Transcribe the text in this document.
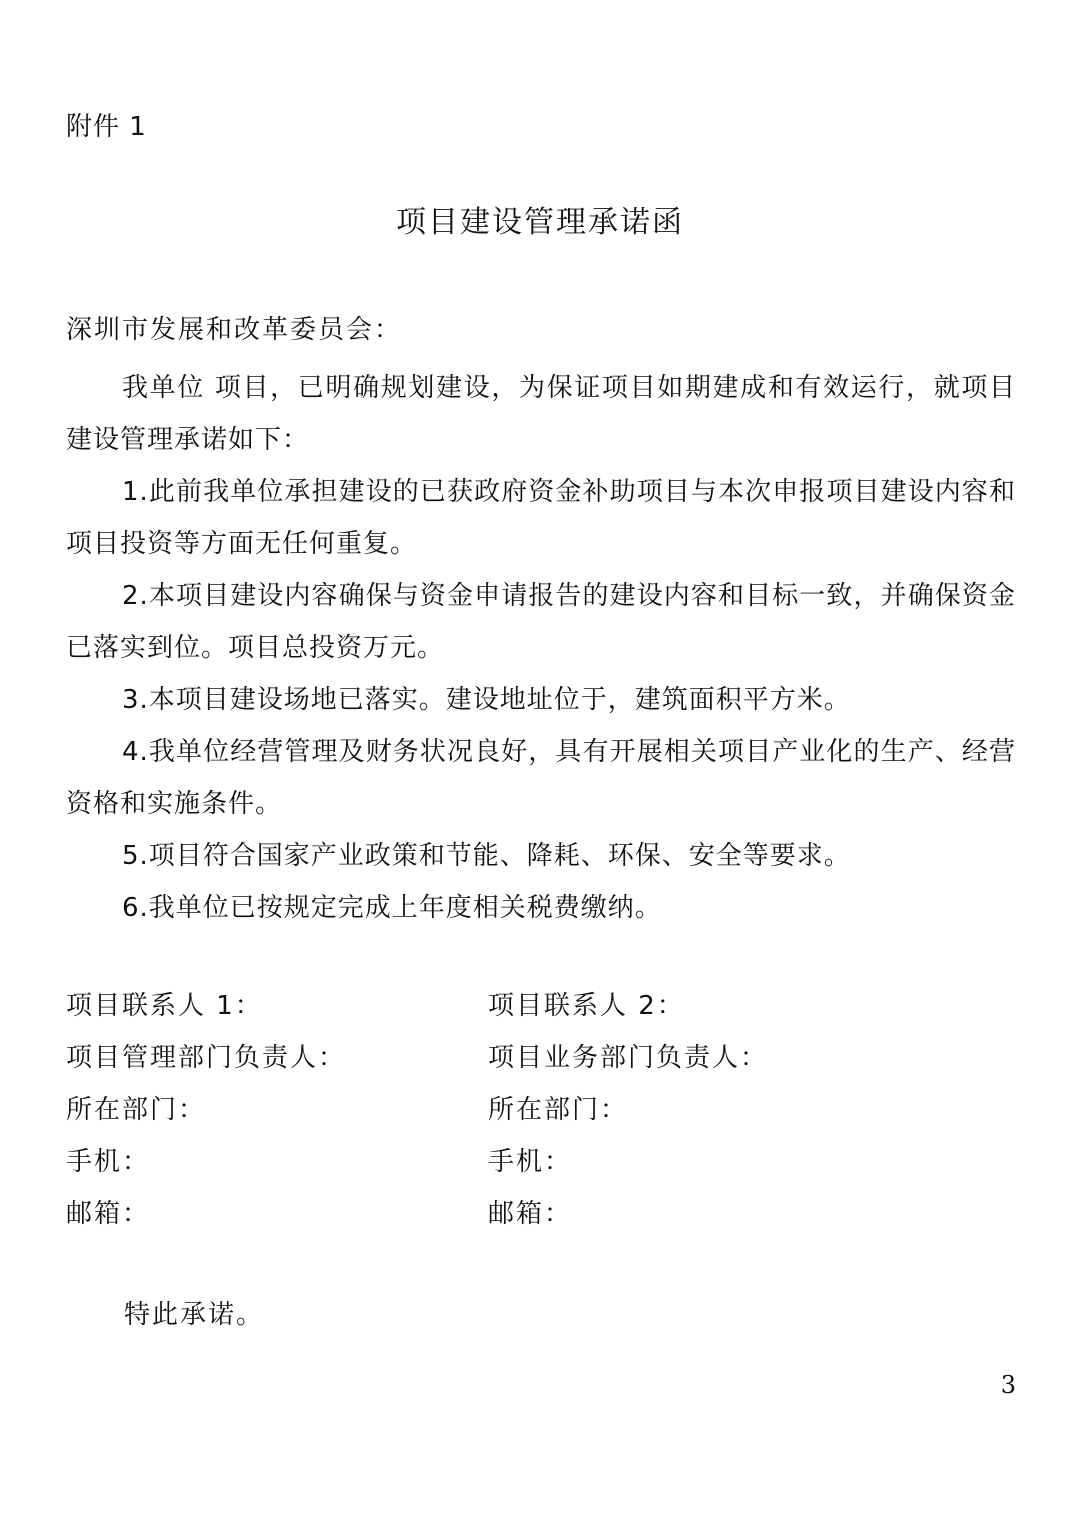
附件 1
项目建设管理承诺函
深圳市发展和改革委员会：

我单位 项目，已明确规划建设，为保证项目如期建成和有效运行，就项目建设管理承诺如下：

1.此前我单位承担建设的已获政府资金补助项目与本次申报项目建设内容和项目投资等方面无任何重复。

2.本项目建设内容确保与资金申请报告的建设内容和目标一致，并确保资金已落实到位。项目总投资万元。

3.本项目建设场地已落实。建设地址位于，建筑面积平方米。

4.我单位经营管理及财务状况良好，具有开展相关项目产业化的生产、经营资格和实施条件。

5.项目符合国家产业政策和节能、降耗、环保、安全等要求。

6.我单位已按规定完成上年度相关税费缴纳。

项目联系人 1：	项目联系人 2：
项目管理部门负责人：	项目业务部门负责人：
所在部门：	所在部门：
手机：	手机：
邮箱：	邮箱：
特此承诺。
3
